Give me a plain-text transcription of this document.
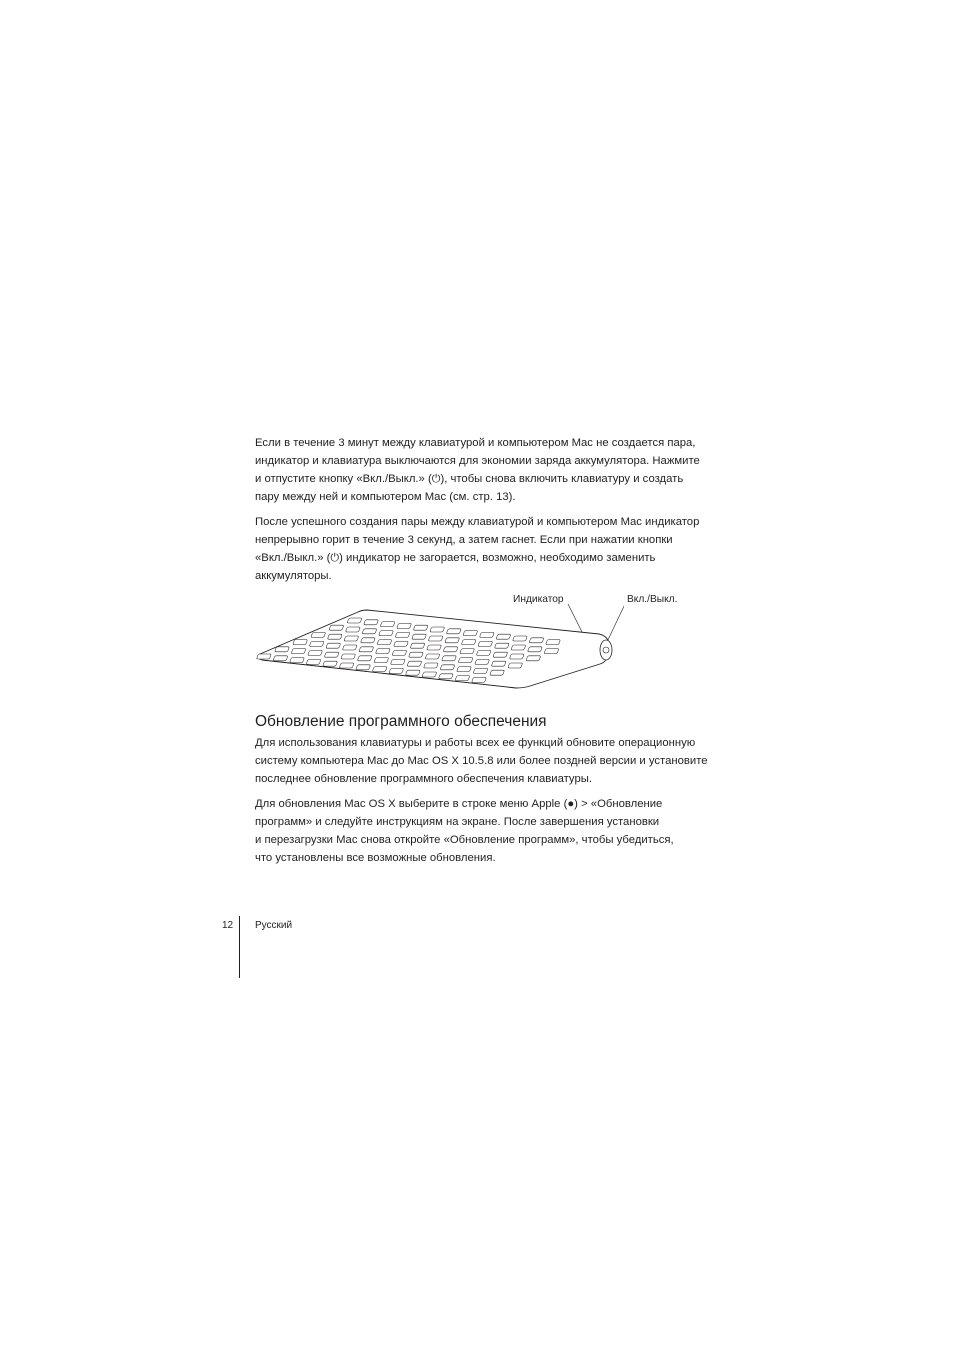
Если в течение 3 минут между клавиатурой и компьютером Mac не создается пара,
индикатор и клавиатура выключаются для экономии заряда аккумулятора. Нажмите
и отпустите кнопку «Вкл./Выкл.» (⏻), чтобы снова включить клавиатуру и создать
пару между ней и компьютером Mac (см. стр. 13).

После успешного создания пары между клавиатурой и компьютером Mac индикатор
непрерывно горит в течение 3 секунд, а затем гаснет. Если при нажатии кнопки
«Вкл./Выкл.» (⏻) индикатор не загорается, возможно, необходимо заменить
аккумуляторы.

Индикатор	Вкл./Выкл.
Обновление программного обеспечения

Для использования клавиатуры и работы всех ее функций обновите операционную
систему компьютера Mac до Mac OS X 10.5.8 или более поздней версии и установите
последнее обновление программного обеспечения клавиатуры.

Для обновления Mac OS X выберите в строке меню Apple (●) > «Обновление
программ» и следуйте инструкциям на экране. После завершения установки
и перезагрузки Mac снова откройте «Обновление программ», чтобы убедиться,
что установлены все возможные обновления.

12 Русский
